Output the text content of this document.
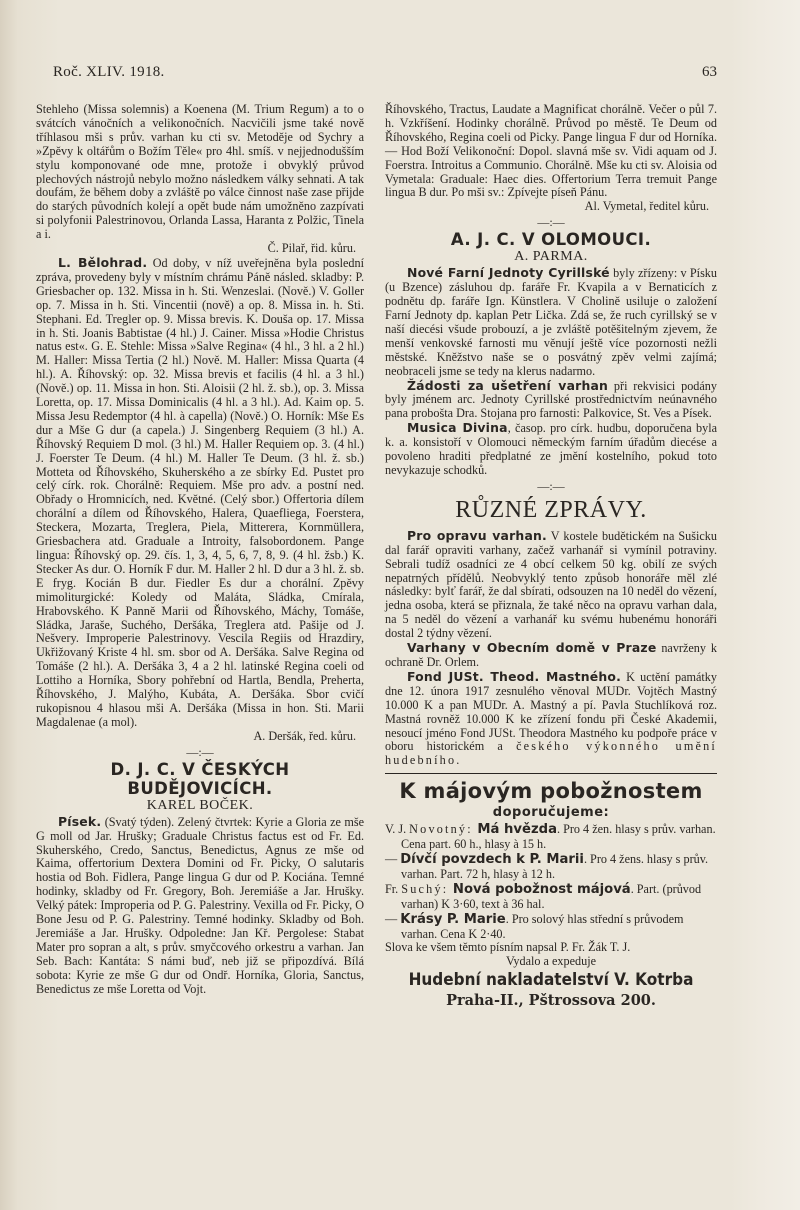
Roč. XLIV. 1918.	63

Stehleho (Missa solemnis) a Koenena (M. Trium Regum) a to o svátcích vánočních a velikonočních. Nacvičili jsme také nově tříhlasou mši s prův. varhan ku cti sv. Metoděje od Sychry a »Zpěvy k oltářům o Božím Těle« pro 4hl. smíš. v nejjednodušším stylu komponované ode mne, protože i obvyklý průvod plechových nástrojů nebylo možno následkem války sehnati. A tak doufám, že během doby a zvláště po válce činnost naše zase přijde do starých původních kolejí a opět bude nám umožněno zazpívati si polyfonii Palestrinovou, Orlanda Lassa, Haranta z Polžic, Tinela a i.

Č. Pilař, řid. kůru.

L. Bělohrad. Od doby, v níž uveřejněna byla poslední zpráva, provedeny byly v místním chrámu Páně násled. skladby: P. Griesbacher op. 132. Missa in h. Sti. Wenzeslai. (Nově.) V. Goller op. 7. Missa in h. Sti. Vincentii (nově) a op. 8. Missa in. h. Sti. Stephani. Ed. Tregler op. 9. Missa brevis. K. Douša op. 17. Missa in h. Sti. Joanis Babtistae (4 hl.) J. Cainer. Missa »Hodie Christus natus est«. G. E. Stehle: Missa »Salve Regina« (4 hl., 3 hl. a 2 hl.) M. Haller: Missa Tertia (2 hl.) Nově. M. Haller: Missa Quarta (4 hl.). A. Říhovský: op. 32. Missa brevis et facilis (4 hl. a 3 hl.) (Nově.) op. 11. Missa in hon. Sti. Aloisii (2 hl. ž. sb.), op. 3. Missa Loretta, op. 17. Missa Dominicalis (4 hl. a 3 hl.). Ad. Kaim op. 5. Missa Jesu Redemptor (4 hl. à capella) (Nově.) O. Horník: Mše Es dur a Mše G dur (a capela.) J. Singenberg Requiem (3 hl.) A. Říhovský Requiem D mol. (3 hl.) M. Haller Requiem op. 3. (4 hl.) J. Foerster Te Deum. (4 hl.) M. Haller Te Deum. (3 hl. ž. sb.) Motteta od Říhovského, Skuherského a ze sbírky Ed. Pustet pro celý círk. rok. Chorálně: Requiem. Mše pro adv. a postní ned. Obřady o Hromnicích, ned. Květné. (Celý sbor.) Offertoria dílem chorální a dílem od Říhovského, Halera, Quaefliega, Foerstera, Steckera, Mozarta, Treglera, Piela, Mitterera, Kornmüllera, Griesbachera atd. Graduale a Introity, falsobordonem. Pange lingua: Říhovský op. 29. čís. 1, 3, 4, 5, 6, 7, 8, 9. (4 hl. žsb.) K. Stecker As dur. O. Horník F dur. M. Haller 2 hl. D dur a 3 hl. ž. sb. E fryg. Kocián B dur. Fiedler Es dur a chorální. Zpěvy mimoliturgické: Koledy od Maláta, Sládka, Cmírala, Hrabovského. K Panně Marii od Říhovského, Máchy, Tomáše, Sládka, Jaraše, Suchého, Deršáka, Treglera atd. Pašije od J. Nešvery. Improperie Palestrinovy. Vescila Regiis od Hrazdiry, Ukřižovaný Kriste 4 hl. sm. sbor od A. Deršáka. Salve Regina od Tomáše (2 hl.). A. Deršáka 3, 4 a 2 hl. latinské Regina coeli od Lottiho a Horníka, Sbory pohřební od Hartla, Bendla, Preherta, Říhovského, J. Malýho, Kubáta, A. Deršáka. Sbor cvičí rukopisnou 4 hlasou mši A. Deršáka (Missa in hon. Sti. Marii Magdalenae (a mol).

A. Deršák, řed. kůru.

—:—

D. J. C. V ČESKÝCH BUDĚJOVICÍCH.

KAREL BOČEK.

Písek. (Svatý týden). Zelený čtvrtek: Kyrie a Gloria ze mše G moll od Jar. Hrušky; Graduale Christus factus est od Fr. Ed. Skuherského, Credo, Sanctus, Benedictus, Agnus ze mše od Kaima, offertorium Dextera Domini od Fr. Picky, O salutaris hostia od Boh. Fidlera, Pange lingua G dur od P. Kociána. Temné hodinky, skladby od Fr. Gregory, Boh. Jeremiáše a Jar. Hrušky. Velký pátek: Improperia od P. G. Palestriny. Vexilla od Fr. Picky, O Bone Jesu od P. G. Palestriny. Temné hodinky. Skladby od Boh. Jeremiáše a Jar. Hrušky. Odpoledne: Jan Kř. Pergolese: Stabat Mater pro sopran a alt, s prův. smyčcového orkestru a varhan. Jan Seb. Bach: Kantáta: S námi buď, neb již se připozdívá. Bílá sobota: Kyrie ze mše G dur od Ondř. Horníka, Gloria, Sanctus, Benedictus ze mše Loretta od Vojt.

Říhovského, Tractus, Laudate a Magnificat chorálně. Večer o půl 7. h. Vzkříšení. Hodinky chorálně. Průvod po městě. Te Deum od Říhovského, Regina coeli od Picky. Pange lingua F dur od Horníka. — Hod Boží Velikonoční: Dopol. slavná mše sv. Vidi aquam od J. Foerstra. Introitus a Communio. Chorálně. Mše ku cti sv. Aloisia od Vymetala: Graduale: Haec dies. Offertorium Terra tremuit Pange lingua B dur. Po mši sv.: Zpívejte píseň Pánu.

Al. Vymetal, ředitel kůru.

—:—

A. J. C. V OLOMOUCI.

A. PARMA.

Nové Farní Jednoty Cyrillské byly zřízeny: v Písku (u Bzence) zásluhou dp. faráře Fr. Kvapila a v Bernaticích z podnětu dp. faráře Ign. Künstlera. V Cholině usiluje o založení Farní Jednoty dp. kaplan Petr Lička. Zdá se, že ruch cyrillský se v naší diecési všude probouzí, a je zvláště potěšitelným zjevem, že menší venkovské farnosti mu věnují ještě více pozornosti nežli městské. Kněžstvo naše se o posvátný zpěv velmi zajímá; neobraceli jsme se tedy na klerus nadarmo.

Žádosti za ušetření varhan při rekvisici podány byly jménem arc. Jednoty Cyrillské prostřednictvím neúnavného pana probošta Dra. Stojana pro farnosti: Palkovice, St. Ves a Písek.

Musica Divina, časop. pro círk. hudbu, doporučena byla k. a. konsistoří v Olomouci německým farním úřadům diecése a povoleno hraditi předplatné ze jmění kostelního, pokud toto nevykazuje schodků.

—:—

RŮZNÉ ZPRÁVY.

Pro opravu varhan. V kostele budětickém na Sušicku dal farář opraviti varhany, začež varhanář si vymínil potraviny. Sebrali tudíž osadníci ze 4 obcí celkem 50 kg. obilí ze svých nepatrných přídělů. Neobvyklý tento způsob honoráře měl zlé následky: bylť farář, že dal sbírati, odsouzen na 10 neděl do vězení, jedna osoba, která se přiznala, že také něco na opravu varhan dala, na 5 neděl do vězení a varhanář ku svému hubenému honoráři dostal 2 týdny vězení.

Varhany v Obecním domě v Praze navrženy k ochraně Dr. Orlem.

Fond JUSt. Theod. Mastného. K uctění památky dne 12. února 1917 zesnulého věnoval MUDr. Vojtěch Mastný 10.000 K a pan MUDr. A. Mastný a pí. Pavla Stuchlíková roz. Mastná rovněž 10.000 K ke zřízení fondu při České Akademii, nesoucí jméno Fond JUSt. Theodora Mastného ku podpoře práce v oboru historickém a českého výkonného umění hudebního.

K májovým pobožnostem

doporučujeme:

V. J. Novotný: Má hvězda. Pro 4 žen. hlasy s prův. varhan. Cena part. 60 h., hlasy à 15 h.

— Dívčí povzdech k P. Marii. Pro 4 žens. hlasy s prův. varhan. Part. 72 h, hlasy à 12 h.

Fr. Suchý: Nová pobožnost májová. Part. (průvod varhan) K 3·60, text à 36 hal.

— Krásy P. Marie. Pro solový hlas střední s průvodem varhan. Cena K 2·40.

Slova ke všem těmto písním napsal P. Fr. Žák T. J.

Vydalo a expeduje

Hudební nakladatelství V. Kotrba

Praha-II., Pštrossova 200.
